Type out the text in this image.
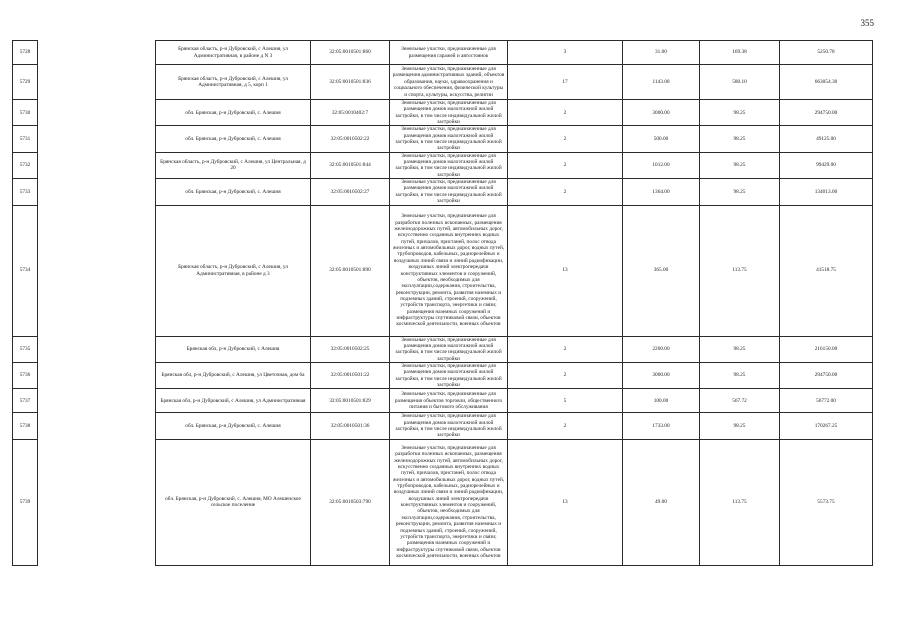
355
5728		Брянская область, р-н Дубровский, с Алешня, ул Административная, в районе д N 3	32:05:0010501:860	Земельные участки, предназначенные для размещения гаражей и автостоянок	3	31.00	169.38	5250.78
5729		Брянская область, р-н Дубровский, с Алешня, ул Административная, д 5, корп 1	32:05:0010501:836	Земельные участки, предназначенные для размещения административных зданий, объектов образования, науки, здравоохранения и социального обеспечения, физической культуры и спорта, культуры, искусства, религии	17	1143.00	580.10	663054.30
5730		обл. Брянская, р-н Дубровский, с. Алешня	32:05:0010402:7	Земельные участки, предназначенные для размещения домов малоэтажной жилой застройки, в том числе индивидуальной жилой застройки	2	3000.00	98.25	294750.00
5731		обл. Брянская, р-н Дубровский, с. Алешня	32:05:0010502:22	Земельные участки, предназначенные для размещения домов малоэтажной жилой застройки, в том числе индивидуальной жилой застройки	2	500.00	98.25	49125.00
5732		Брянская область, р-н Дубровский, с Алешня, ул Центральная, д 20	32:05:0010501:844	Земельные участки, предназначенные для размещения домов малоэтажной жилой застройки, в том числе индивидуальной жилой застройки	2	1012.00	98.25	99429.00
5733		обл. Брянская, р-н Дубровский, с. Алешня	32:05:0010502:27	Земельные участки, предназначенные для размещения домов малоэтажной жилой застройки, в том числе индивидуальной жилой застройки	2	1364.00	98.25	134013.00
5734		Брянская область, р-н Дубровский, с Алешня, ул Административная, в районе д 3	32:05:0010501:890	Земельные участки, предназначенные для разработки полезных ископаемых, размещения железнодорожных путей, автомобильных дорог, искусственно созданных внутренних водных путей, причалов, пристаней, полос отвода железных и автомобильных дорог, водных путей, трубопроводов, кабельных, радиорелейных и воздушных линий связи и линий радиофикации, воздушных линий электропередачи конструктивных элементов и сооружений, объектов, необходимых для эксплуатации,содержания, строительства, реконструкции, ремонта, развития наземных и подземных зданий, строений, сооружений, устройств транспорта, энергетики и связи; размещения наземных сооружений и инфраструктуры спутниковой связи, объектов космической деятельности, военных объектов	13	365.00	113.75	41518.75
5735		Брянская обл, р-н Дубровский, с Алешня	32:05:0010502:25	Земельные участки, предназначенные для размещения домов малоэтажной жилой застройки, в том числе индивидуальной жилой застройки	2	2200.00	98.25	216150.00
5736		Брянская обл, р-н Дубровский, с Алешня, ул Цветочная, дом 6а	32:05:0010501:22	Земельные участки, предназначенные для размещения домов малоэтажной жилой застройки, в том числе индивидуальной жилой застройки	2	3000.00	98.25	294750.00
5737		Брянская обл, р-н Дубровский, с Алешня, ул Административная	32:05:0010501:829	Земельные участки, предназначенные для размещения объектов торговли, общественного питания и бытового обслуживания	5	100.00	567.72	56772.00
5738		обл. Брянская, р-н Дубровский, с. Алешня	32:05:0010501:36	Земельные участки, предназначенные для размещения домов малоэтажной жилой застройки, в том числе индивидуальной жилой застройки	2	1733.00	98.25	170267.25
5739		обл. Брянская, р-н Дубровский, с. Алешня, МО Алешенское сельское поселение	32:05:0010503:790	Земельные участки, предназначенные для разработки полезных ископаемых, размещения железнодорожных путей, автомобильных дорог, искусственно созданных внутренних водных путей, причалов, пристаней, полос отвода железных и автомобильных дорог, водных путей, трубопроводов, кабельных, радиорелейных и воздушных линий связи и линий радиофикации, воздушных линий электропередачи конструктивных элементов и сооружений, объектов, необходимых для эксплуатации,содержания, строительства, реконструкции, ремонта, развития наземных и подземных зданий, строений, сооружений, устройств транспорта, энергетики и связи; размещения наземных сооружений и инфраструктуры спутниковой связи, объектов космической деятельности, военных объектов	13	49.00	113.75	5573.75
